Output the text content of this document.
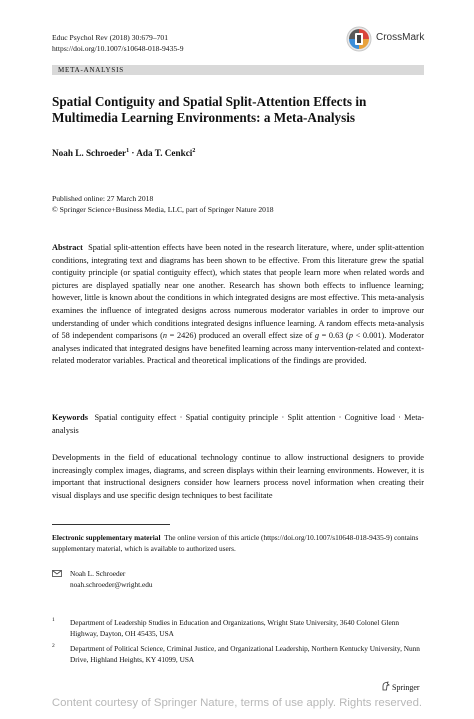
Educ Psychol Rev (2018) 30:679–701
https://doi.org/10.1007/s10648-018-9435-9
CrossMark
META-ANALYSIS
Spatial Contiguity and Spatial Split-Attention Effects in Multimedia Learning Environments: a Meta-Analysis
Noah L. Schroeder$^1$ · Ada T. Cenkci$^2$
Published online: 27 March 2018
© Springer Science+Business Media, LLC, part of Springer Nature 2018
Abstract Spatial split-attention effects have been noted in the research literature, where, under split-attention conditions, integrating text and diagrams has been shown to be effective. From this literature grew the spatial contiguity principle (or spatial contiguity effect), which states that people learn more when related words and pictures are displayed spatially near one another. Research has shown both effects to influence learning; however, little is known about the conditions in which integrated designs are most effective. This meta-analysis examines the influence of integrated designs across numerous moderator variables in order to improve our understanding of under which conditions integrated designs influence learning. A random effects meta-analysis of 58 independent comparisons (n = 2426) produced an overall effect size of g = 0.63 (p < 0.001). Moderator analyses indicated that integrated designs have benefited learning across many intervention-related and context-related moderator variables. Practical and theoretical implications of the findings are provided.
Keywords Spatial contiguity effect · Spatial contiguity principle · Split attention · Cognitive load · Meta-analysis
Developments in the field of educational technology continue to allow instructional designers to provide increasingly complex images, diagrams, and screen displays within their learning environments. However, it is important that instructional designers consider how learners process novel information when creating their visual displays and use specific design techniques to best facilitate
Electronic supplementary material The online version of this article (https://doi.org/10.1007/s10648-018-9435-9) contains supplementary material, which is available to authorized users.
Noah L. Schroeder
noah.schroeder@wright.edu
1 Department of Leadership Studies in Education and Organizations, Wright State University, 3640 Colonel Glenn Highway, Dayton, OH 45435, USA
2 Department of Political Science, Criminal Justice, and Organizational Leadership, Northern Kentucky University, Nunn Drive, Highland Heights, KY 41099, USA
Springer
Content courtesy of Springer Nature, terms of use apply. Rights reserved.
